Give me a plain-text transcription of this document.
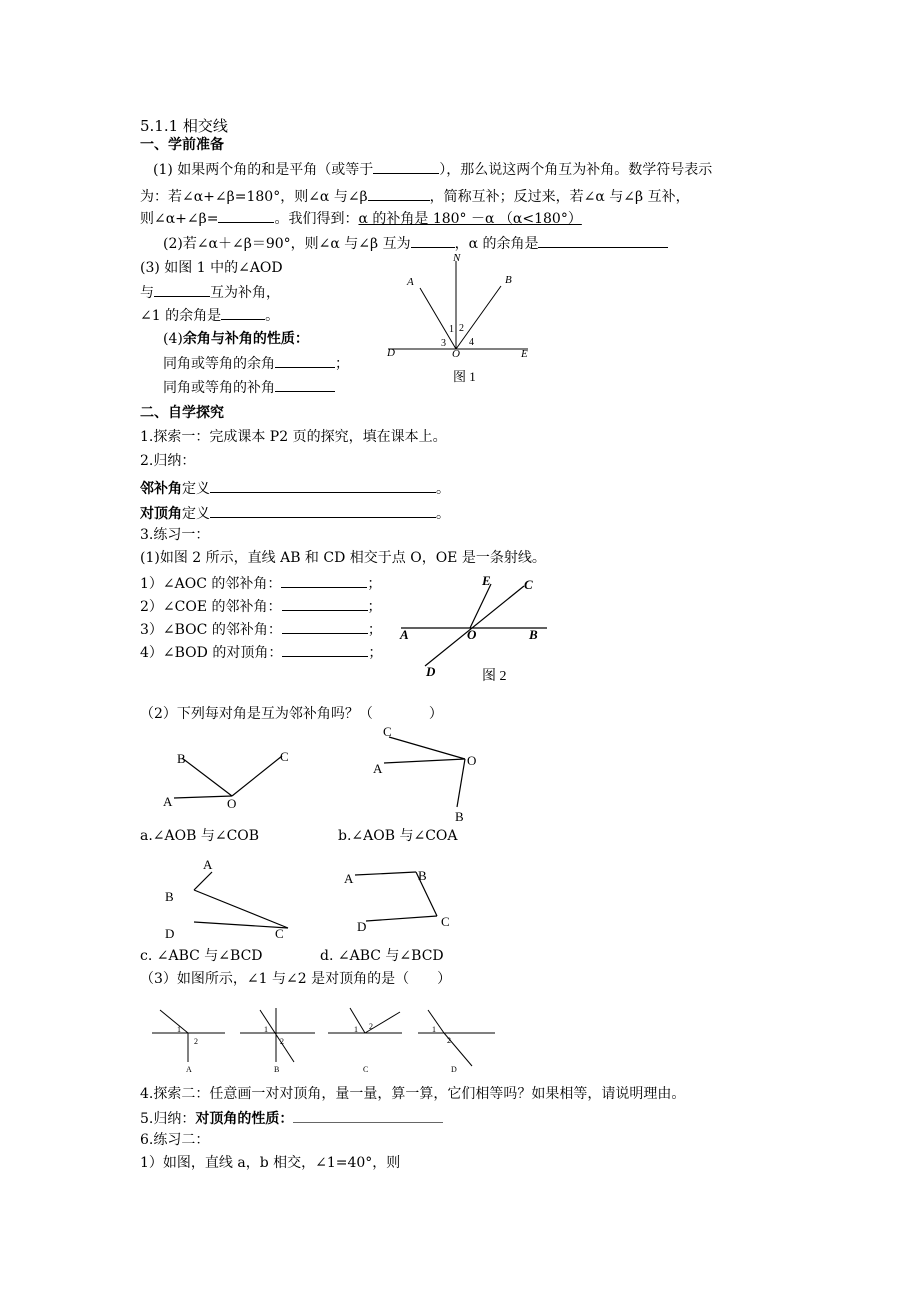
5.1.1 相交线
一、学前准备
(1) 如果两个角的和是平角（或等于	），那么说这两个角互为补角。数学符号表示
为：若∠α+∠β=180°，则∠α 与∠β	，简称互补；反过来，若∠α 与∠β 互补，
则∠α+∠β=	。我们得到：α 的补角是 180° －α （α<180°）
(2)若∠α＋∠β＝90°，则∠α 与∠β 互为	，α 的余角是
(3) 如图 1 中的∠AOD
与	互为补角，
∠1 的余角是	。
(4)余角与补角的性质：
同角或等角的余角	；
同角或等角的补角
N
A	B
D	O	E
1 2
3 4
图 1
二、自学探究
1.探索一：完成课本 P2 页的探究，填在课本上。
2.归纳：
邻补角定义	。
对顶角定义	。
3.练习一：
(1)如图 2 所示，直线 AB 和 CD 相交于点 O，OE 是一条射线。
1）∠AOC 的邻补角：	；
2）∠COE 的邻补角：	；
3）∠BOC 的邻补角：	；
4）∠BOD 的对顶角：	；
E	C
A	O	B
D	图 2
（2）下列每对角是互为邻补角吗？（　　　　）
B	C
A	O
C
A
O
B
a.∠AOB 与∠COB	b.∠AOB 与∠COA
A
B
D	C
A	B
C
D
c. ∠ABC 与∠BCD	d. ∠ABC 与∠BCD
（3）如图所示，∠1 与∠2 是对顶角的是（　　）
1
2
1
2
1 2	1
2
A	B	C	D
4.探索二：任意画一对对顶角，量一量，算一算，它们相等吗？如果相等，请说明理由。
5.归纳：对顶角的性质：
6.练习二：
1）如图，直线 a，b 相交，∠1=40°，则
